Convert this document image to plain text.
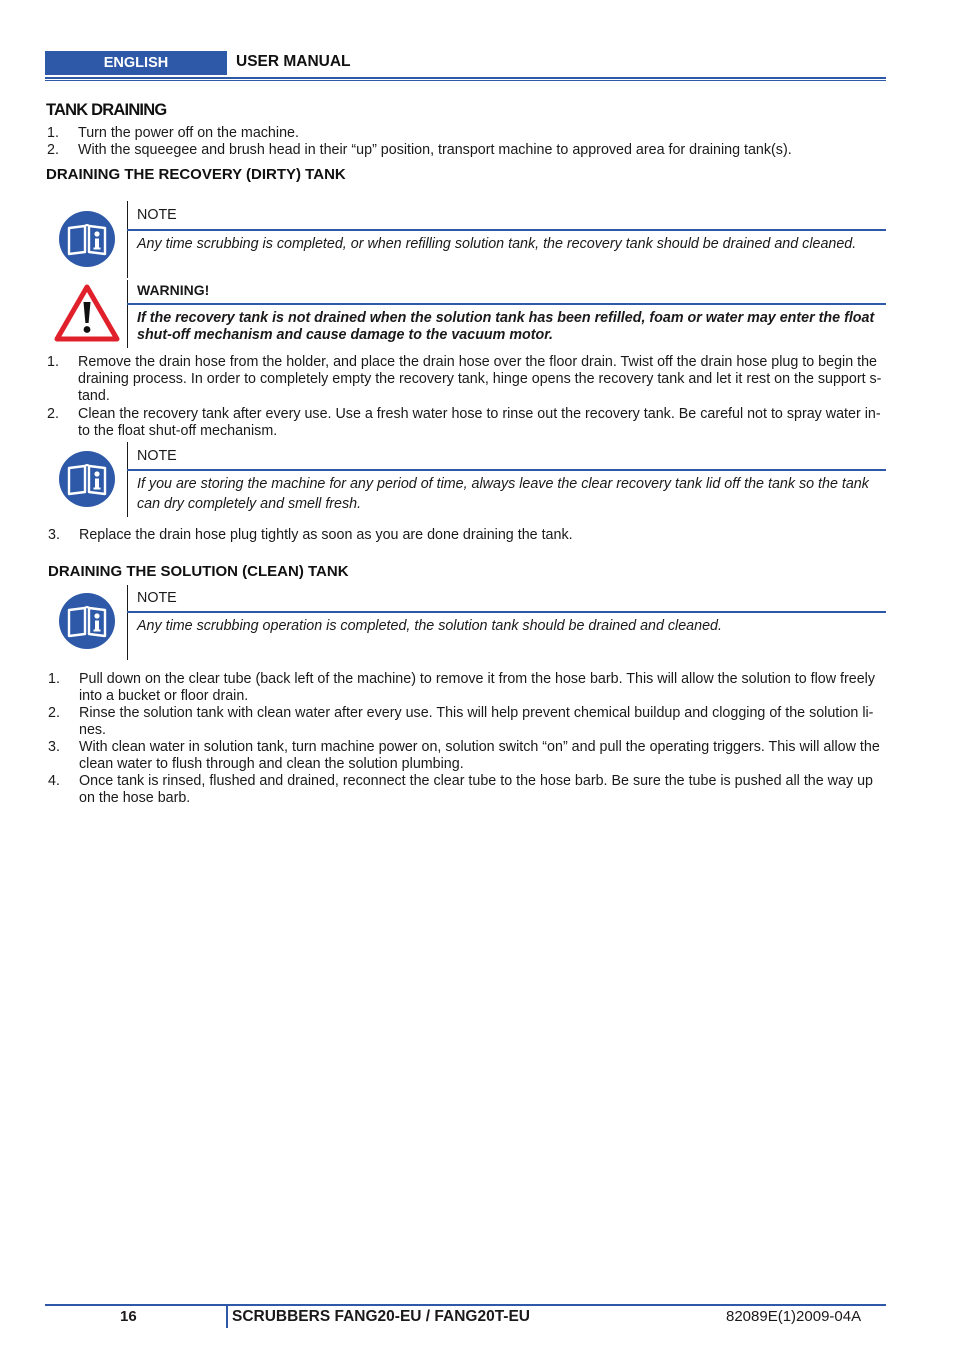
ENGLISH	USER MANUAL
TANK DRAINING
1. Turn the power off on the machine.
2. With the squeegee and brush head in their “up” position, transport machine to approved area for draining tank(s).
DRAINING THE RECOVERY (DIRTY) TANK
NOTE
Any time scrubbing is completed, or when refilling solution tank, the recovery tank should be drained and cleaned.
WARNING!
If the recovery tank is not drained when the solution tank has been refilled, foam or water may enter the float
shut-off mechanism and cause damage to the vacuum motor.
1. Remove the drain hose from the holder, and place the drain hose over the floor drain. Twist off the drain hose plug to begin the
draining process. In order to completely empty the recovery tank, hinge opens the recovery tank and let it rest on the support s-
tand.
2. Clean the recovery tank after every use. Use a fresh water hose to rinse out the recovery tank. Be careful not to spray water in-
to the float shut-off mechanism.
NOTE
If you are storing the machine for any period of time, always leave the clear recovery tank lid off the tank so the tank
can dry completely and smell fresh.
3. Replace the drain hose plug tightly as soon as you are done draining the tank.
DRAINING THE SOLUTION (CLEAN) TANK
NOTE
Any time scrubbing operation is completed, the solution tank should be drained and cleaned.
1. Pull down on the clear tube (back left of the machine) to remove it from the hose barb. This will allow the solution to flow freely
into a bucket or floor drain.
2. Rinse the solution tank with clean water after every use. This will help prevent chemical buildup and clogging of the solution li-
nes.
3. With clean water in solution tank, turn machine power on, solution switch “on” and pull the operating triggers. This will allow the
clean water to flush through and clean the solution plumbing.
4. Once tank is rinsed, flushed and drained, reconnect the clear tube to the hose barb. Be sure the tube is pushed all the way up
on the hose barb.
16	SCRUBBERS FANG20-EU / FANG20T-EU	82089E(1)2009-04A
